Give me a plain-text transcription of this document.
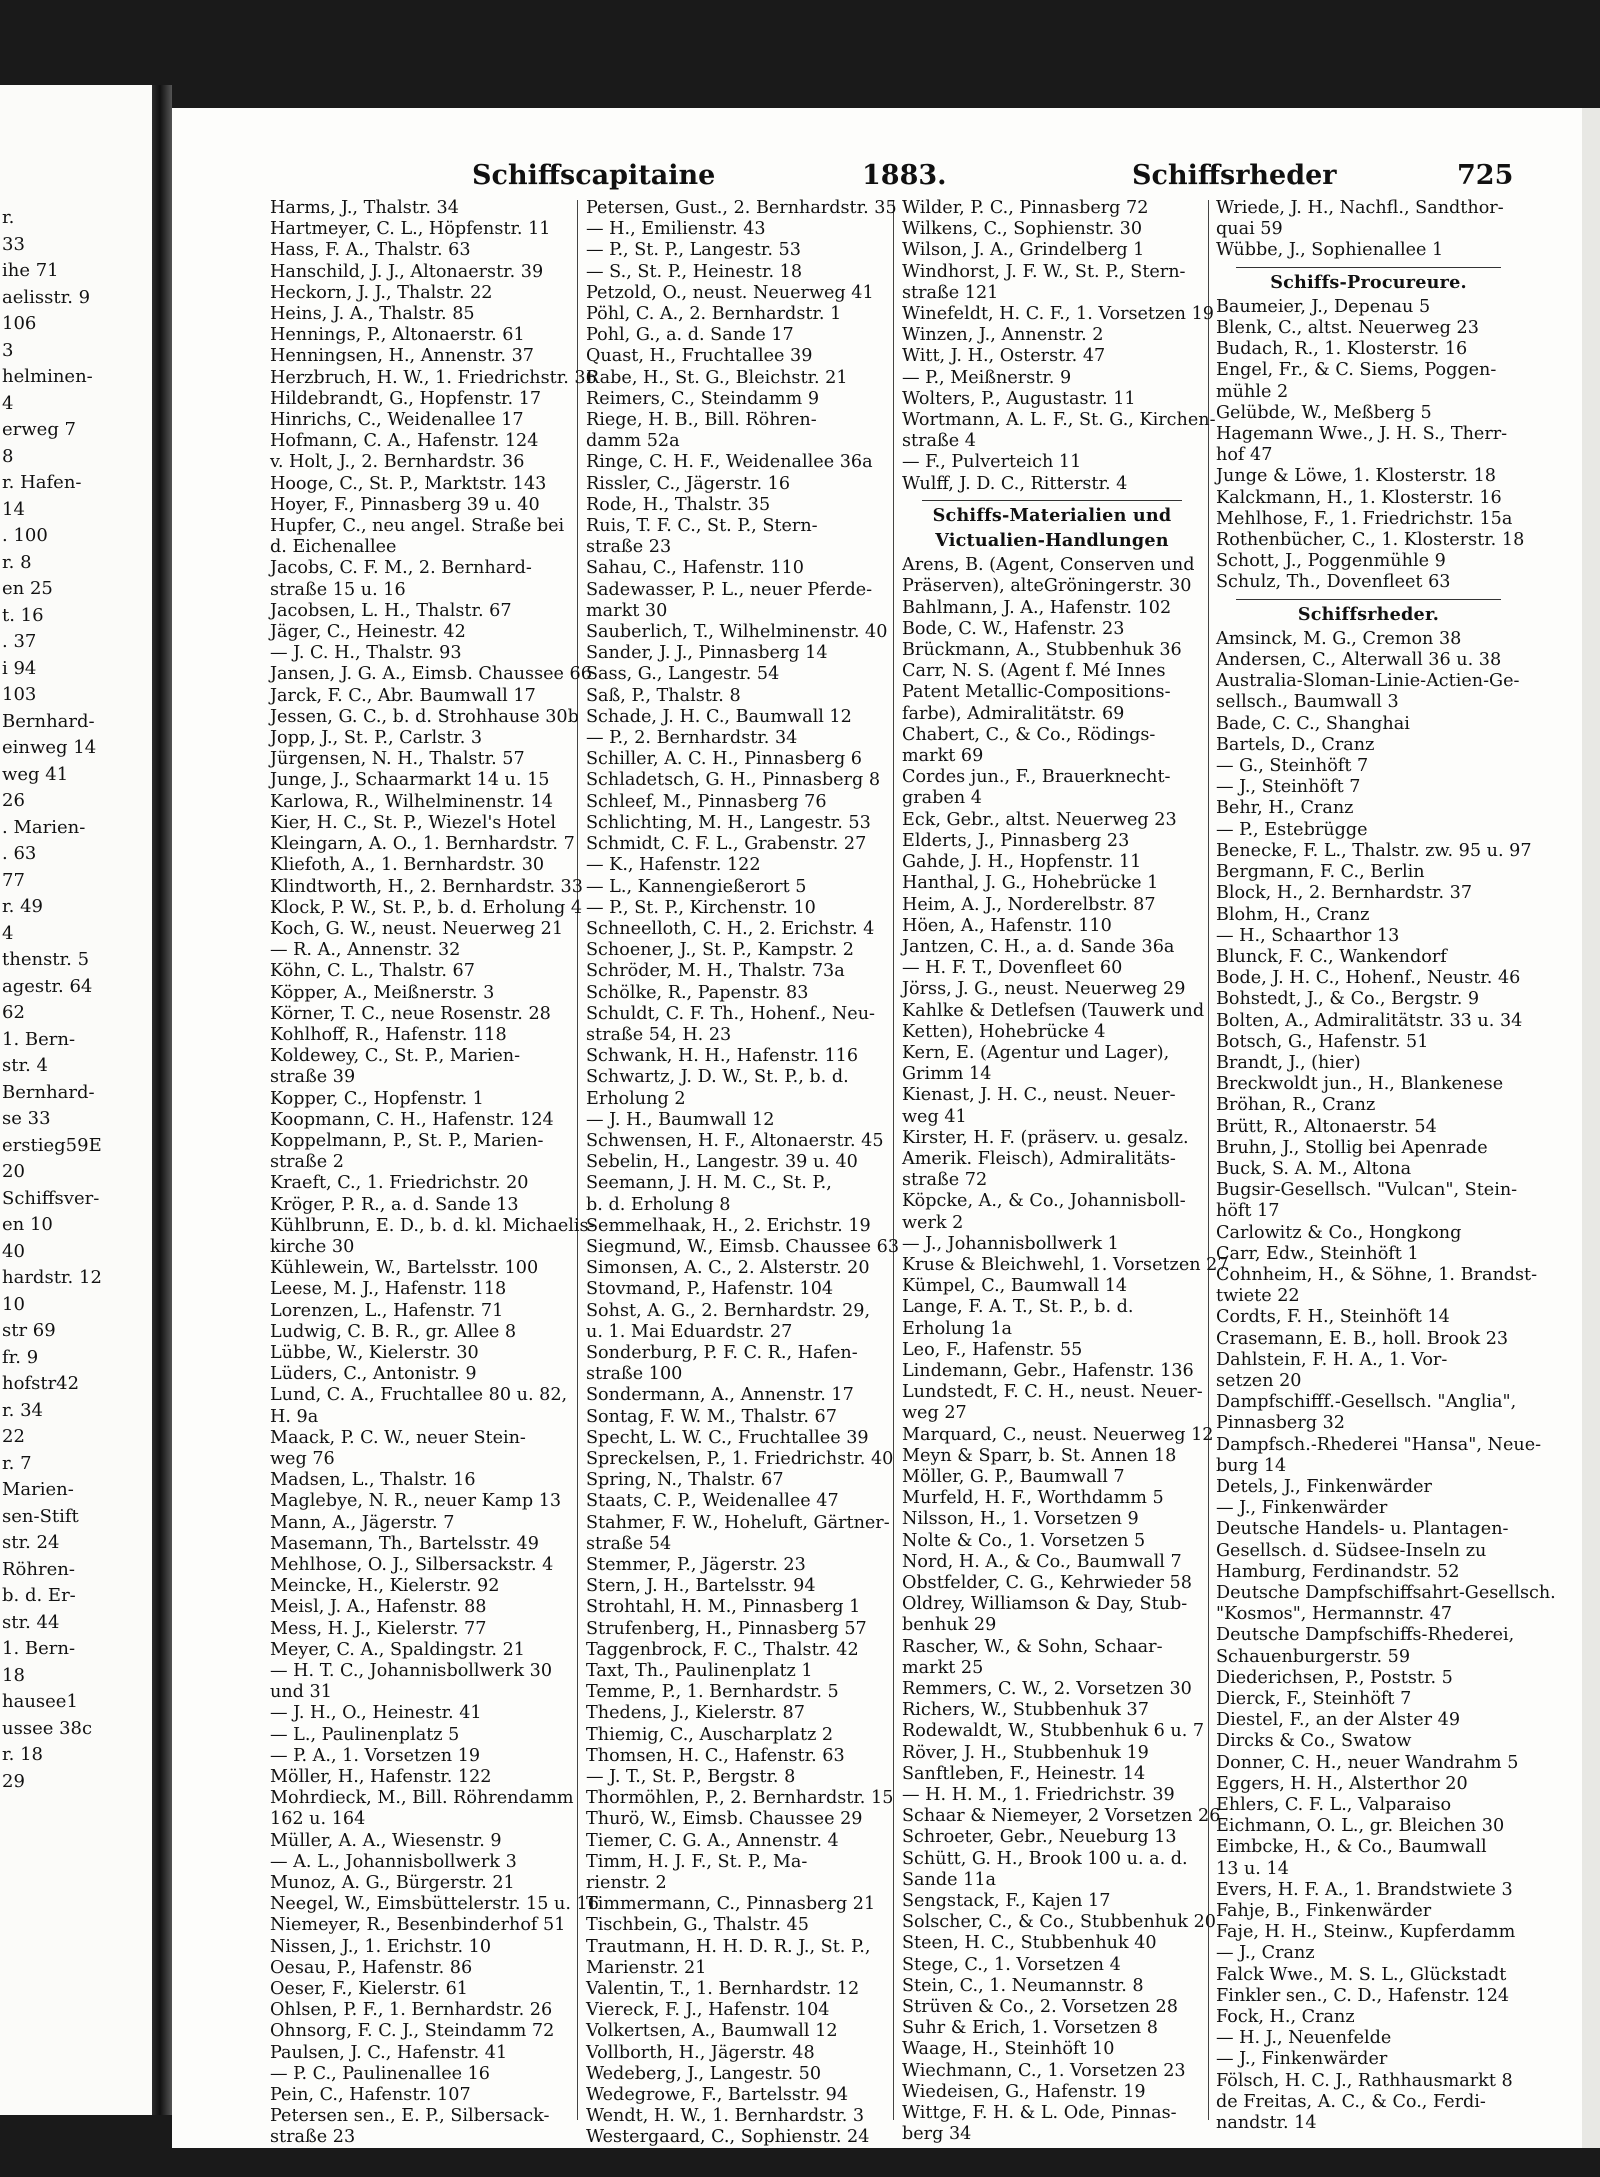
r.
33
ihe 71
aelisstr. 9
106
3
helminen-
4
erweg 7
8
r. Hafen-
14
. 100
r. 8
en 25
t. 16
. 37
i 94
103
Bernhard-
einweg 14
weg 41
26
. Marien-
. 63
77
r. 49
4
thenstr. 5
agestr. 64
62
1. Bern-
str. 4
Bernhard-
se 33
erstieg59E
20
Schiffsver-
en 10
40
hardstr. 12
10
str 69
fr. 9
hofstr42
r. 34
22
r. 7
Marien-
sen-Stift
str. 24
Röhren-
b. d. Er-
str. 44
1. Bern-
18
hausee1
ussee 38c
r. 18
29
Schiffscapitaine	1883.	Schiffsrheder	725
Harms, J., Thalstr. 34
Hartmeyer, C. L., Höpfenstr. 11
Hass, F. A., Thalstr. 63
Hanschild, J. J., Altonaerstr. 39
Heckorn, J. J., Thalstr. 22
Heins, J. A., Thalstr. 85
Hennings, P., Altonaerstr. 61
Henningsen, H., Annenstr. 37
Herzbruch, H. W., 1. Friedrichstr. 36
Hildebrandt, G., Hopfenstr. 17
Hinrichs, C., Weidenallee 17
Hofmann, C. A., Hafenstr. 124
v. Holt, J., 2. Bernhardstr. 36
Hooge, C., St. P., Marktstr. 143
Hoyer, F., Pinnasberg 39 u. 40
Hupfer, C., neu angel. Straße bei
d. Eichenallee
Jacobs, C. F. M., 2. Bernhard-
straße 15 u. 16
Jacobsen, L. H., Thalstr. 67
Jäger, C., Heinestr. 42
— J. C. H., Thalstr. 93
Jansen, J. G. A., Eimsb. Chaussee 66
Jarck, F. C., Abr. Baumwall 17
Jessen, G. C., b. d. Strohhause 30b
Jopp, J., St. P., Carlstr. 3
Jürgensen, N. H., Thalstr. 57
Junge, J., Schaarmarkt 14 u. 15
Karlowa, R., Wilhelminenstr. 14
Kier, H. C., St. P., Wiezel's Hotel
Kleingarn, A. O., 1. Bernhardstr. 7
Kliefoth, A., 1. Bernhardstr. 30
Klindtworth, H., 2. Bernhardstr. 33
Klock, P. W., St. P., b. d. Erholung 4
Koch, G. W., neust. Neuerweg 21
— R. A., Annenstr. 32
Köhn, C. L., Thalstr. 67
Köpper, A., Meißnerstr. 3
Körner, T. C., neue Rosenstr. 28
Kohlhoff, R., Hafenstr. 118
Koldewey, C., St. P., Marien-
straße 39
Kopper, C., Hopfenstr. 1
Koopmann, C. H., Hafenstr. 124
Koppelmann, P., St. P., Marien-
straße 2
Kraeft, C., 1. Friedrichstr. 20
Kröger, P. R., a. d. Sande 13
Kühlbrunn, E. D., b. d. kl. Michaelis-
kirche 30
Kühlewein, W., Bartelsstr. 100
Leese, M. J., Hafenstr. 118
Lorenzen, L., Hafenstr. 71
Ludwig, C. B. R., gr. Allee 8
Lübbe, W., Kielerstr. 30
Lüders, C., Antonistr. 9
Lund, C. A., Fruchtallee 80 u. 82,
H. 9a
Maack, P. C. W., neuer Stein-
weg 76
Madsen, L., Thalstr. 16
Maglebye, N. R., neuer Kamp 13
Mann, A., Jägerstr. 7
Masemann, Th., Bartelsstr. 49
Mehlhose, O. J., Silbersackstr. 4
Meincke, H., Kielerstr. 92
Meisl, J. A., Hafenstr. 88
Mess, H. J., Kielerstr. 77
Meyer, C. A., Spaldingstr. 21
— H. T. C., Johannisbollwerk 30
und 31
— J. H., O., Heinestr. 41
— L., Paulinenplatz 5
— P. A., 1. Vorsetzen 19
Möller, H., Hafenstr. 122
Mohrdieck, M., Bill. Röhrendamm
162 u. 164
Müller, A. A., Wiesenstr. 9
— A. L., Johannisbollwerk 3
Munoz, A. G., Bürgerstr. 21
Neegel, W., Eimsbüttelerstr. 15 u. 16
Niemeyer, R., Besenbinderhof 51
Nissen, J., 1. Erichstr. 10
Oesau, P., Hafenstr. 86
Oeser, F., Kielerstr. 61
Ohlsen, P. F., 1. Bernhardstr. 26
Ohnsorg, F. C. J., Steindamm 72
Paulsen, J. C., Hafenstr. 41
— P. C., Paulinenallee 16
Pein, C., Hafenstr. 107
Petersen sen., E. P., Silbersack-
straße 23
Petersen, Gust., 2. Bernhardstr. 35
— H., Emilienstr. 43
— P., St. P., Langestr. 53
— S., St. P., Heinestr. 18
Petzold, O., neust. Neuerweg 41
Pöhl, C. A., 2. Bernhardstr. 1
Pohl, G., a. d. Sande 17
Quast, H., Fruchtallee 39
Rabe, H., St. G., Bleichstr. 21
Reimers, C., Steindamm 9
Riege, H. B., Bill. Röhren-
damm 52a
Ringe, C. H. F., Weidenallee 36a
Rissler, C., Jägerstr. 16
Rode, H., Thalstr. 35
Ruis, T. F. C., St. P., Stern-
straße 23
Sahau, C., Hafenstr. 110
Sadewasser, P. L., neuer Pferde-
markt 30
Sauberlich, T., Wilhelminenstr. 40
Sander, J. J., Pinnasberg 14
Sass, G., Langestr. 54
Saß, P., Thalstr. 8
Schade, J. H. C., Baumwall 12
— P., 2. Bernhardstr. 34
Schiller, A. C. H., Pinnasberg 6
Schladetsch, G. H., Pinnasberg 8
Schleef, M., Pinnasberg 76
Schlichting, M. H., Langestr. 53
Schmidt, C. F. L., Grabenstr. 27
— K., Hafenstr. 122
— L., Kannengießerort 5
— P., St. P., Kirchenstr. 10
Schneelloth, C. H., 2. Erichstr. 4
Schoener, J., St. P., Kampstr. 2
Schröder, M. H., Thalstr. 73a
Schölke, R., Papenstr. 83
Schuldt, C. F. Th., Hohenf., Neu-
straße 54, H. 23
Schwank, H. H., Hafenstr. 116
Schwartz, J. D. W., St. P., b. d.
Erholung 2
— J. H., Baumwall 12
Schwensen, H. F., Altonaerstr. 45
Sebelin, H., Langestr. 39 u. 40
Seemann, J. H. M. C., St. P.,
b. d. Erholung 8
Semmelhaak, H., 2. Erichstr. 19
Siegmund, W., Eimsb. Chaussee 63
Simonsen, A. C., 2. Alsterstr. 20
Stovmand, P., Hafenstr. 104
Sohst, A. G., 2. Bernhardstr. 29,
u. 1. Mai Eduardstr. 27
Sonderburg, P. F. C. R., Hafen-
straße 100
Sondermann, A., Annenstr. 17
Sontag, F. W. M., Thalstr. 67
Specht, L. W. C., Fruchtallee 39
Spreckelsen, P., 1. Friedrichstr. 40
Spring, N., Thalstr. 67
Staats, C. P., Weidenallee 47
Stahmer, F. W., Hoheluft, Gärtner-
straße 54
Stemmer, P., Jägerstr. 23
Stern, J. H., Bartelsstr. 94
Strohtahl, H. M., Pinnasberg 1
Strufenberg, H., Pinnasberg 57
Taggenbrock, F. C., Thalstr. 42
Taxt, Th., Paulinenplatz 1
Temme, P., 1. Bernhardstr. 5
Thedens, J., Kielerstr. 87
Thiemig, C., Auscharplatz 2
Thomsen, H. C., Hafenstr. 63
— J. T., St. P., Bergstr. 8
Thormöhlen, P., 2. Bernhardstr. 15
Thurö, W., Eimsb. Chaussee 29
Tiemer, C. G. A., Annenstr. 4
Timm, H. J. F., St. P., Ma-
rienstr. 2
Timmermann, C., Pinnasberg 21
Tischbein, G., Thalstr. 45
Trautmann, H. H. D. R. J., St. P.,
Marienstr. 21
Valentin, T., 1. Bernhardstr. 12
Viereck, F. J., Hafenstr. 104
Volkertsen, A., Baumwall 12
Vollborth, H., Jägerstr. 48
Wedeberg, J., Langestr. 50
Wedegrowe, F., Bartelsstr. 94
Wendt, H. W., 1. Bernhardstr. 3
Westergaard, C., Sophienstr. 24
Wilder, P. C., Pinnasberg 72
Wilkens, C., Sophienstr. 30
Wilson, J. A., Grindelberg 1
Windhorst, J. F. W., St. P., Stern-
straße 121
Winefeldt, H. C. F., 1. Vorsetzen 19
Winzen, J., Annenstr. 2
Witt, J. H., Osterstr. 47
— P., Meißnerstr. 9
Wolters, P., Augustastr. 11
Wortmann, A. L. F., St. G., Kirchen-
straße 4
— F., Pulverteich 11
Wulff, J. D. C., Ritterstr. 4
Schiffs-Materialien und
Victualien-Handlungen
Arens, B. (Agent, Conserven und
Präserven), alteGröningerstr. 30
Bahlmann, J. A., Hafenstr. 102
Bode, C. W., Hafenstr. 23
Brückmann, A., Stubbenhuk 36
Carr, N. S. (Agent f. Mé Innes
Patent Metallic-Compositions-
farbe), Admiralitätstr. 69
Chabert, C., & Co., Rödings-
markt 69
Cordes jun., F., Brauerknecht-
graben 4
Eck, Gebr., altst. Neuerweg 23
Elderts, J., Pinnasberg 23
Gahde, J. H., Hopfenstr. 11
Hanthal, J. G., Hohebrücke 1
Heim, A. J., Norderelbstr. 87
Höen, A., Hafenstr. 110
Jantzen, C. H., a. d. Sande 36a
— H. F. T., Dovenfleet 60
Jörss, J. G., neust. Neuerweg 29
Kahlke & Detlefsen (Tauwerk und
Ketten), Hohebrücke 4
Kern, E. (Agentur und Lager),
Grimm 14
Kienast, J. H. C., neust. Neuer-
weg 41
Kirster, H. F. (präserv. u. gesalz.
Amerik. Fleisch), Admiralitäts-
straße 72
Köpcke, A., & Co., Johannisboll-
werk 2
— J., Johannisbollwerk 1
Kruse & Bleichwehl, 1. Vorsetzen 27
Kümpel, C., Baumwall 14
Lange, F. A. T., St. P., b. d.
Erholung 1a
Leo, F., Hafenstr. 55
Lindemann, Gebr., Hafenstr. 136
Lundstedt, F. C. H., neust. Neuer-
weg 27
Marquard, C., neust. Neuerweg 12
Meyn & Sparr, b. St. Annen 18
Möller, G. P., Baumwall 7
Murfeld, H. F., Worthdamm 5
Nilsson, H., 1. Vorsetzen 9
Nolte & Co., 1. Vorsetzen 5
Nord, H. A., & Co., Baumwall 7
Obstfelder, C. G., Kehrwieder 58
Oldrey, Williamson & Day, Stub-
benhuk 29
Rascher, W., & Sohn, Schaar-
markt 25
Remmers, C. W., 2. Vorsetzen 30
Richers, W., Stubbenhuk 37
Rodewaldt, W., Stubbenhuk 6 u. 7
Röver, J. H., Stubbenhuk 19
Sanftleben, F., Heinestr. 14
— H. H. M., 1. Friedrichstr. 39
Schaar & Niemeyer, 2 Vorsetzen 26
Schroeter, Gebr., Neueburg 13
Schütt, G. H., Brook 100 u. a. d.
Sande 11a
Sengstack, F., Kajen 17
Solscher, C., & Co., Stubbenhuk 20
Steen, H. C., Stubbenhuk 40
Stege, C., 1. Vorsetzen 4
Stein, C., 1. Neumannstr. 8
Strüven & Co., 2. Vorsetzen 28
Suhr & Erich, 1. Vorsetzen 8
Waage, H., Steinhöft 10
Wiechmann, C., 1. Vorsetzen 23
Wiedeisen, G., Hafenstr. 19
Wittge, F. H. & L. Ode, Pinnas-
berg 34
Wriede, J. H., Nachfl., Sandthor-
quai 59
Wübbe, J., Sophienallee 1
Schiffs-Procureure.
Baumeier, J., Depenau 5
Blenk, C., altst. Neuerweg 23
Budach, R., 1. Klosterstr. 16
Engel, Fr., & C. Siems, Poggen-
mühle 2
Gelübde, W., Meßberg 5
Hagemann Wwe., J. H. S., Therr-
hof 47
Junge & Löwe, 1. Klosterstr. 18
Kalckmann, H., 1. Klosterstr. 16
Mehlhose, F., 1. Friedrichstr. 15a
Rothenbücher, C., 1. Klosterstr. 18
Schott, J., Poggenmühle 9
Schulz, Th., Dovenfleet 63
Schiffsrheder.
Amsinck, M. G., Cremon 38
Andersen, C., Alterwall 36 u. 38
Australia-Sloman-Linie-Actien-Ge-
sellsch., Baumwall 3
Bade, C. C., Shanghai
Bartels, D., Cranz
— G., Steinhöft 7
— J., Steinhöft 7
Behr, H., Cranz
— P., Estebrügge
Benecke, F. L., Thalstr. zw. 95 u. 97
Bergmann, F. C., Berlin
Block, H., 2. Bernhardstr. 37
Blohm, H., Cranz
— H., Schaarthor 13
Blunck, F. C., Wankendorf
Bode, J. H. C., Hohenf., Neustr. 46
Bohstedt, J., & Co., Bergstr. 9
Bolten, A., Admiralitätstr. 33 u. 34
Botsch, G., Hafenstr. 51
Brandt, J., (hier)
Breckwoldt jun., H., Blankenese
Bröhan, R., Cranz
Brütt, R., Altonaerstr. 54
Bruhn, J., Stollig bei Apenrade
Buck, S. A. M., Altona
Bugsir-Gesellsch. "Vulcan", Stein-
höft 17
Carlowitz & Co., Hongkong
Carr, Edw., Steinhöft 1
Cohnheim, H., & Söhne, 1. Brandst-
twiete 22
Cordts, F. H., Steinhöft 14
Crasemann, E. B., holl. Brook 23
Dahlstein, F. H. A., 1. Vor-
setzen 20
Dampfschifff.-Gesellsch. "Anglia",
Pinnasberg 32
Dampfsch.-Rhederei "Hansa", Neue-
burg 14
Detels, J., Finkenwärder
— J., Finkenwärder
Deutsche Handels- u. Plantagen-
Gesellsch. d. Südsee-Inseln zu
Hamburg, Ferdinandstr. 52
Deutsche Dampfschiffsahrt-Gesellsch.
"Kosmos", Hermannstr. 47
Deutsche Dampfschiffs-Rhederei,
Schauenburgerstr. 59
Diederichsen, P., Poststr. 5
Dierck, F., Steinhöft 7
Diestel, F., an der Alster 49
Dircks & Co., Swatow
Donner, C. H., neuer Wandrahm 5
Eggers, H. H., Alsterthor 20
Ehlers, C. F. L., Valparaiso
Eichmann, O. L., gr. Bleichen 30
Eimbcke, H., & Co., Baumwall
13 u. 14
Evers, H. F. A., 1. Brandstwiete 3
Fahje, B., Finkenwärder
Faje, H. H., Steinw., Kupferdamm
— J., Cranz
Falck Wwe., M. S. L., Glückstadt
Finkler sen., C. D., Hafenstr. 124
Fock, H., Cranz
— H. J., Neuenfelde
— J., Finkenwärder
Fölsch, H. C. J., Rathhausmarkt 8
de Freitas, A. C., & Co., Ferdi-
nandstr. 14
